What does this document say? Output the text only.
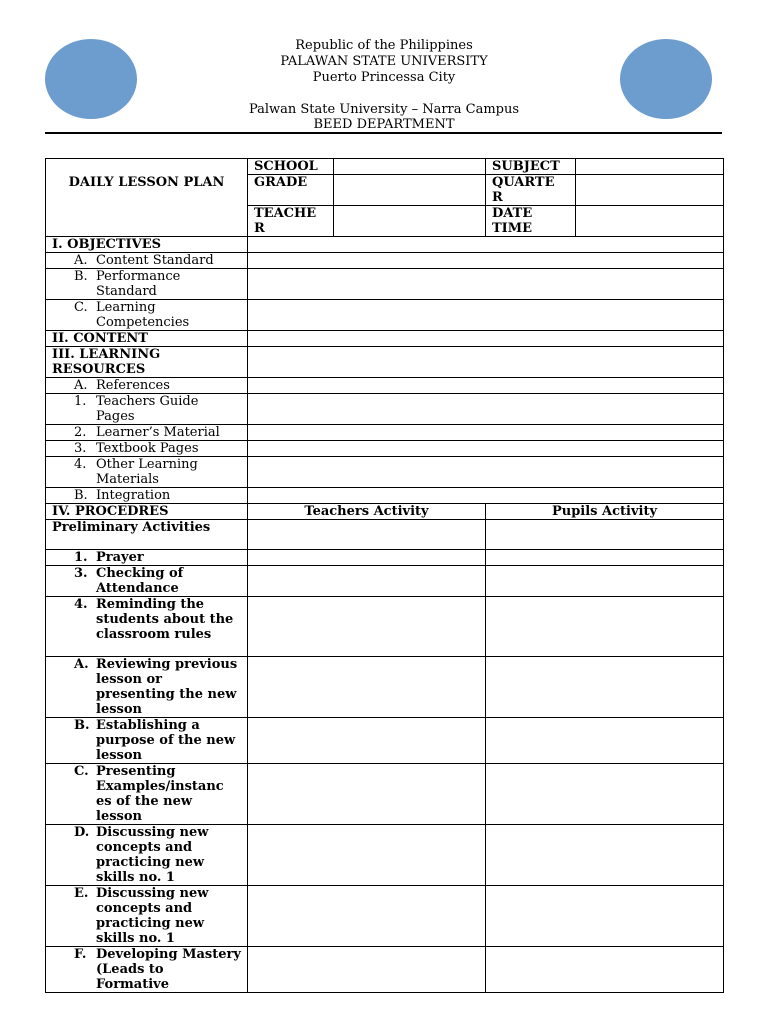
Republic of the Philippines
PALAWAN STATE UNIVERSITY
Puerto Princessa City
Palwan State University – Narra Campus
BEED DEPARTMENT
DAILY LESSON PLAN	SCHOOL		SUBJECT	
	GRADE		QUARTE R	
	TEACHE R		DATE TIME	
I. OBJECTIVES				

A. Content Standard				

B. Performance Standard				

C. Learning Competencies				

II. CONTENT				
III. LEARNING RESOURCES				

A. References				

1. Teachers Guide Pages				

2. Learner’s Material				

3. Textbook Pages				

4. Other Learning Materials				

B. Integration				

IV. PROCEDRES	Teachers Activity		Pupils Activity	
Preliminary Activities				

1. Prayer				

3. Checking of Attendance				

4. Reminding the students about the classroom rules				

A. Reviewing previous lesson or presenting the new lesson				

B. Establishing a purpose of the new lesson				

C. Presenting Examples/instanc es of the new lesson				

D. Discussing new concepts and practicing new skills no. 1				

E. Discussing new concepts and practicing new skills no. 1				

F. Developing Mastery (Leads to Formative				
